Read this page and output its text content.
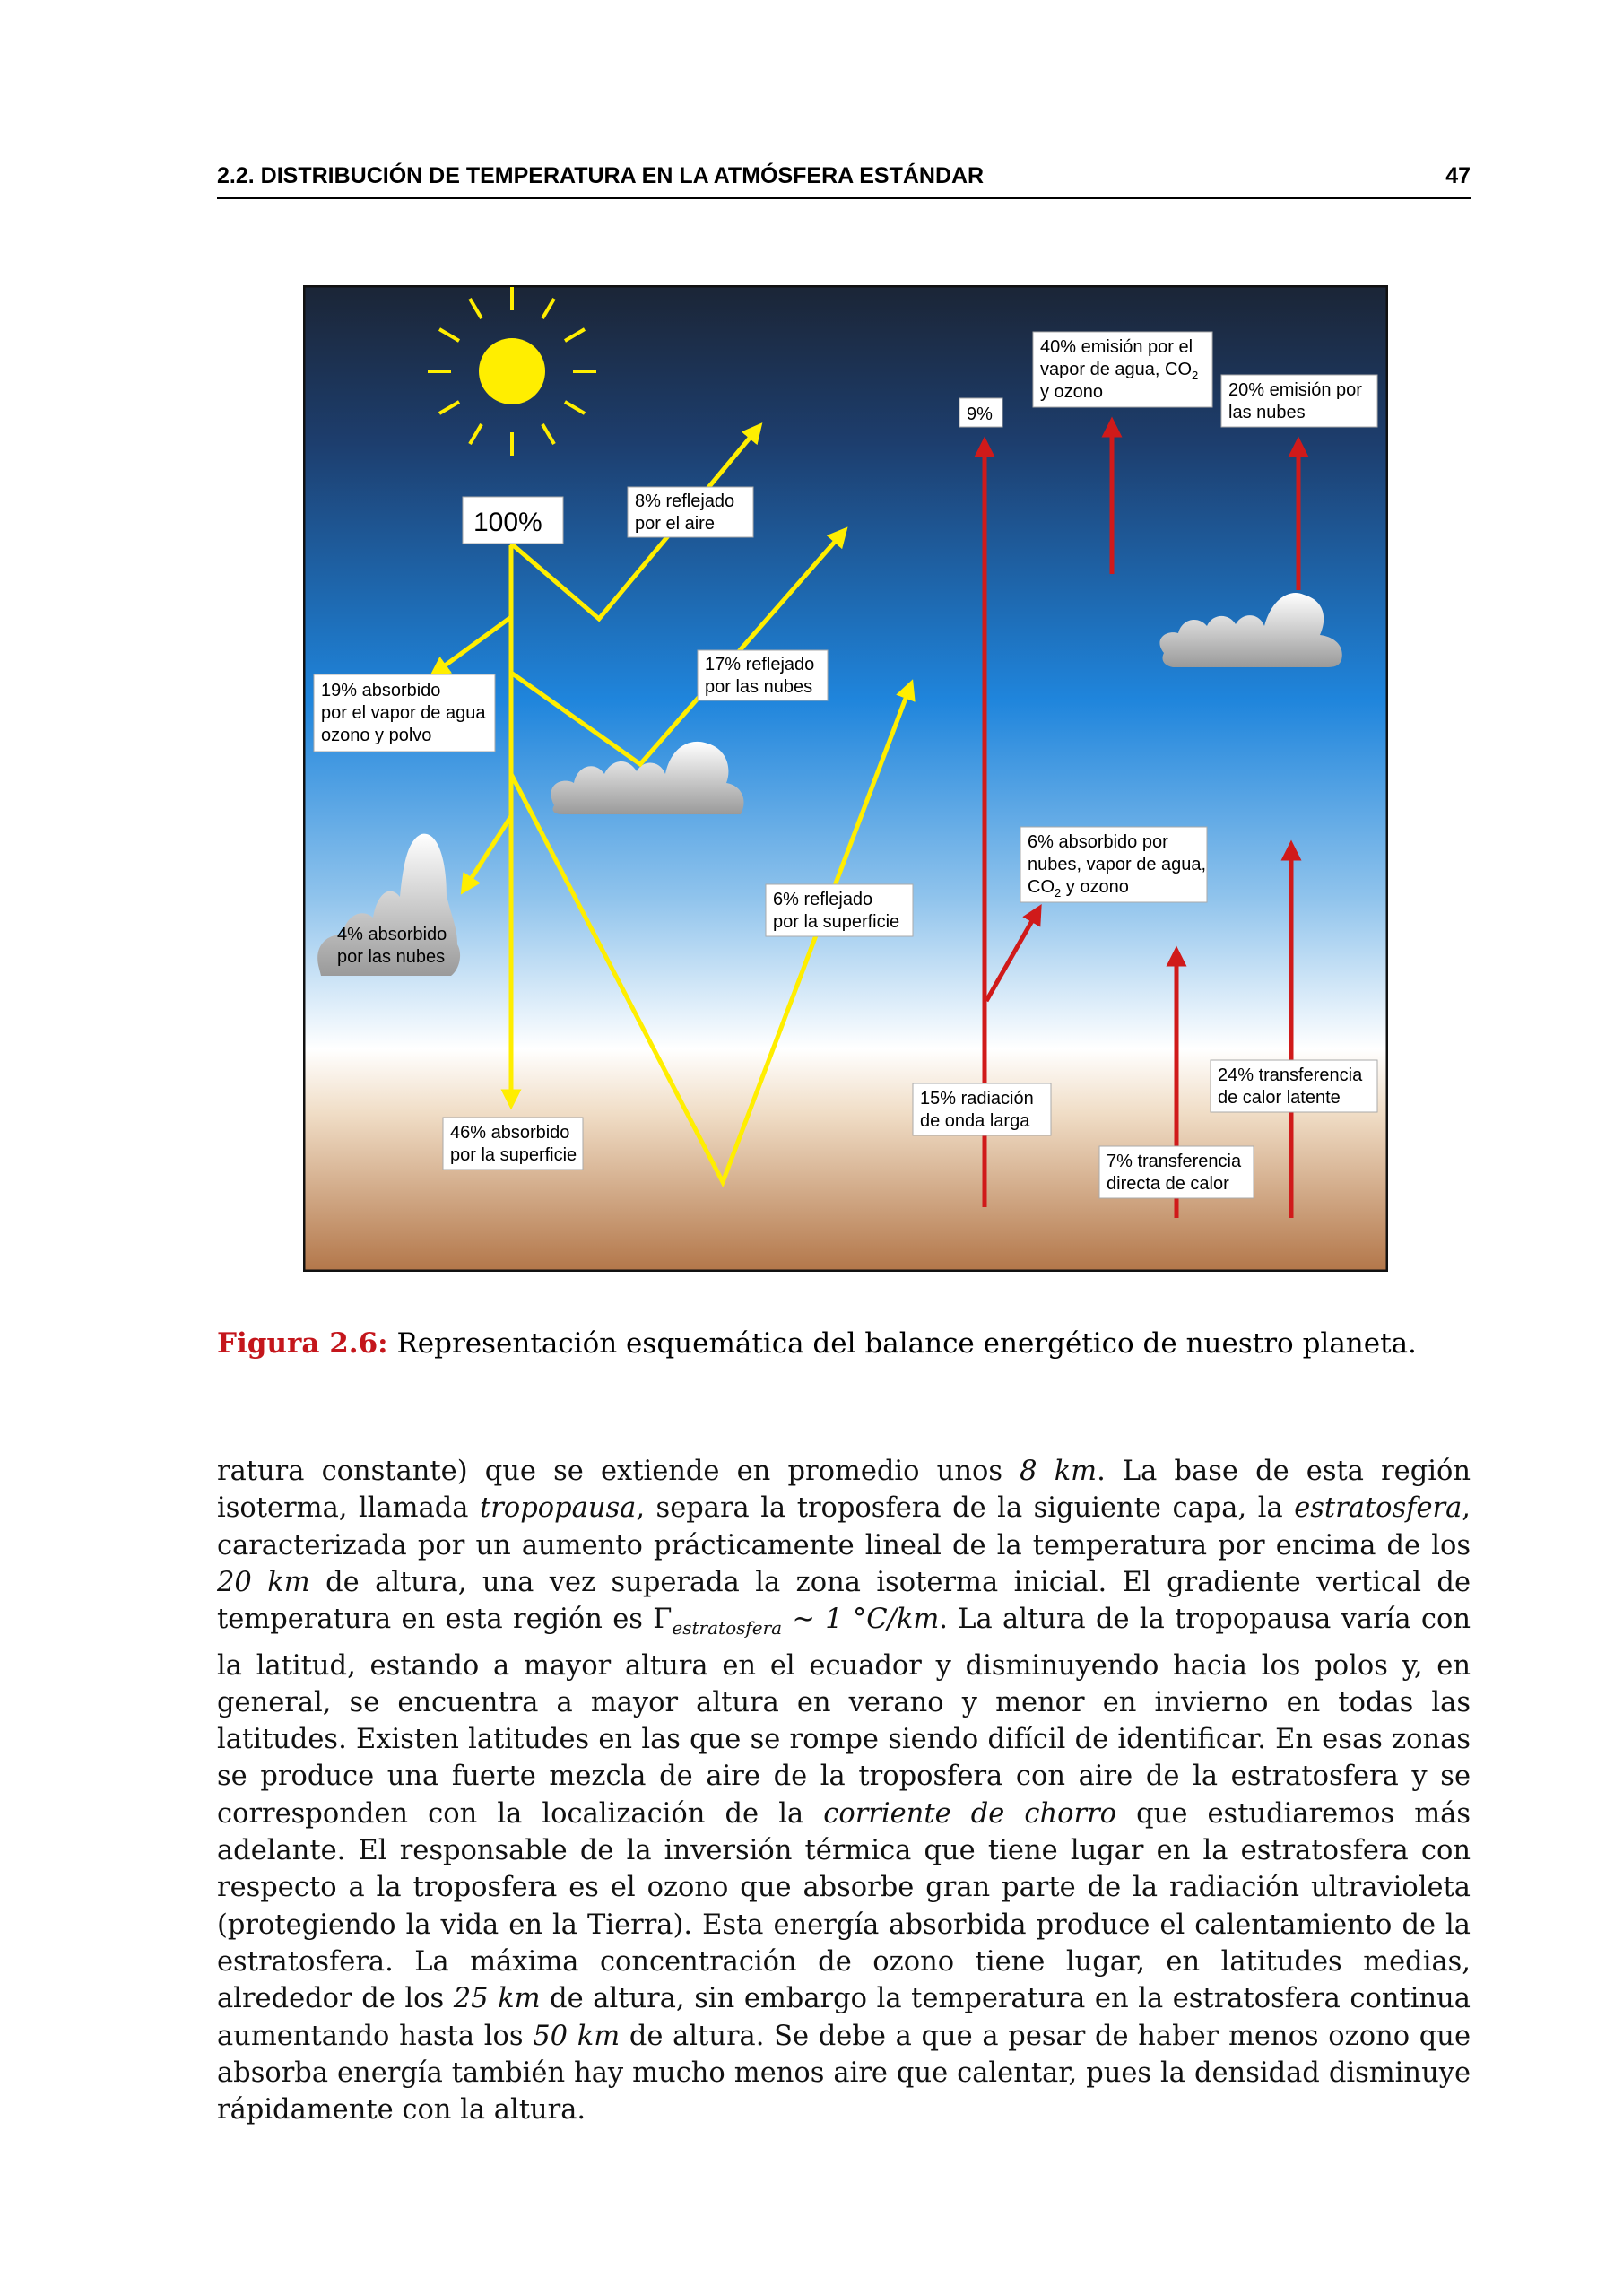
2.2. DISTRIBUCIÓN DE TEMPERATURA EN LA ATMÓSFERA ESTÁNDAR	47
100%
8% reflejado
por el aire
19% absorbido
por el vapor de agua
ozono y polvo
17% reflejado
por las nubes
4% absorbido
por las nubes
6% reflejado
por la superficie
46% absorbido
por la superficie
9%
40% emisión por el
vapor de agua, $CO_2$
y ozono	20% emisión por
las nubes
6% absorbido por
nubes, vapor de agua,
$CO_2$ y ozono
15% radiación
de onda larga
24% transferencia
de calor latente
7% transferencia
directa de calor
Figura 2.6: Representación esquemática del balance energético de nuestro planeta.

ratura constante) que se extiende en promedio unos 8 km. La base de esta región isoterma, llamada tropopausa, separa la troposfera de la siguiente capa, la estratosfera, caracterizada por un aumento prácticamente lineal de la temperatura por encima de los 20 km de altura, una vez superada la zona isoterma inicial. El gradiente vertical de temperatura en esta región es $\Gamma_{estratosfera}$ ∼ 1 °C/km. La altura de la tropopausa varía con la latitud, estando a mayor altura en el ecuador y disminuyendo hacia los polos y, en general, se encuentra a mayor altura en verano y menor en invierno en todas las latitudes. Existen latitudes en las que se rompe siendo difícil de identificar. En esas zonas se produce una fuerte mezcla de aire de la troposfera con aire de la estratosfera y se corresponden con la localización de la corriente de chorro que estudiaremos más adelante. El responsable de la inversión térmica que tiene lugar en la estratosfera con respecto a la troposfera es el ozono que absorbe gran parte de la radiación ultravioleta (protegiendo la vida en la Tierra). Esta energía absorbida produce el calentamiento de la estratosfera. La máxima concentración de ozono tiene lugar, en latitudes medias, alrededor de los 25 km de altura, sin embargo la temperatura en la estratosfera continua aumentando hasta los 50 km de altura. Se debe a que a pesar de haber menos ozono que absorba energía también hay mucho menos aire que calentar, pues la densidad disminuye rápidamente con la altura.
